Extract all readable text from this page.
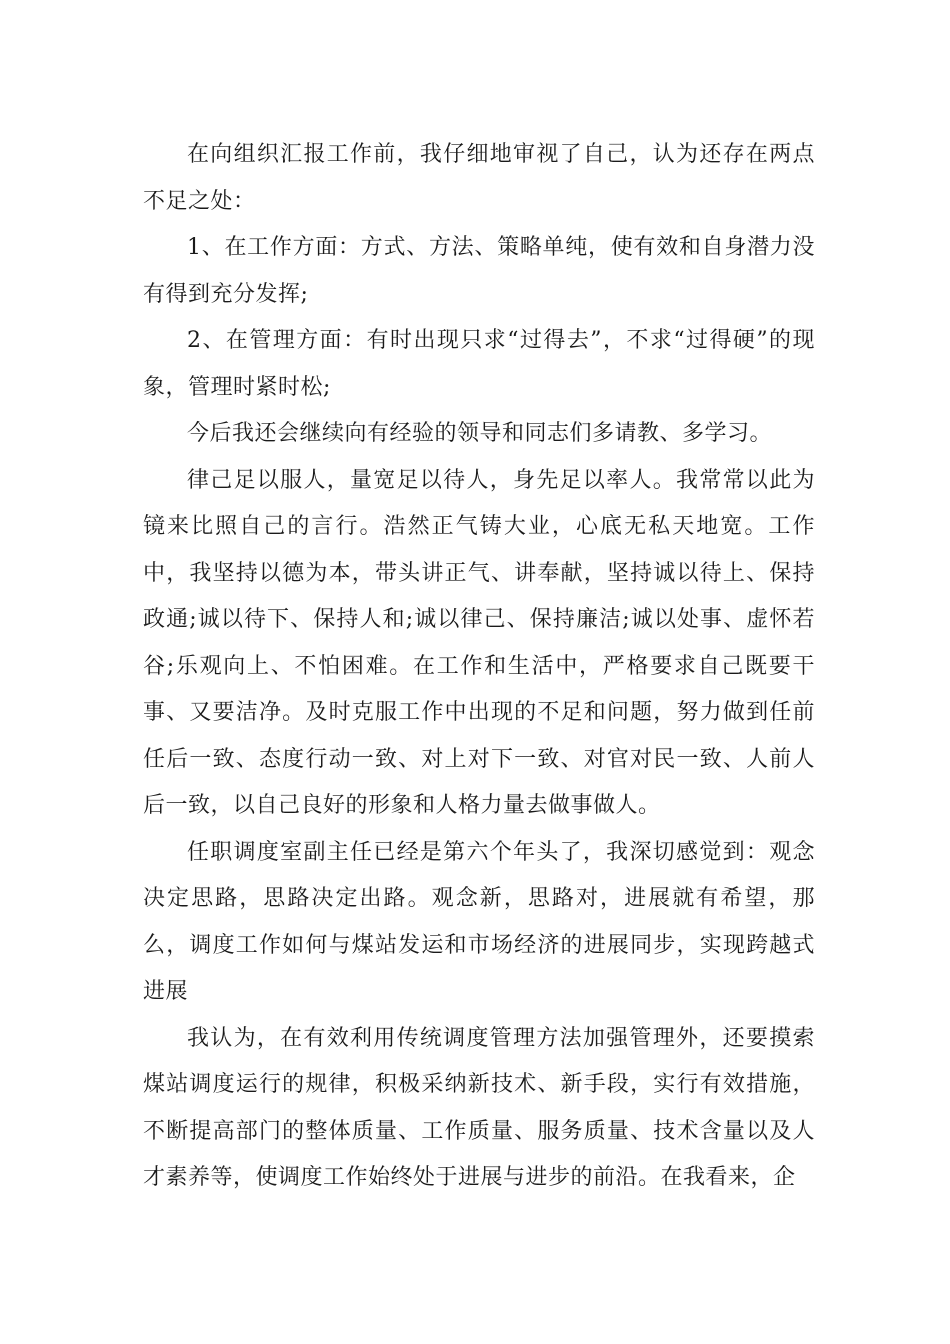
在向组织汇报工作前，我仔细地审视了自己，认为还存在两点不足之处：

1、在工作方面：方式、方法、策略单纯，使有效和自身潜力没有得到充分发挥;

2、在管理方面：有时出现只求“过得去”，不求“过得硬”的现象，管理时紧时松;

今后我还会继续向有经验的领导和同志们多请教、多学习。

律己足以服人，量宽足以待人，身先足以率人。我常常以此为镜来比照自己的言行。浩然正气铸大业，心底无私天地宽。工作中，我坚持以德为本，带头讲正气、讲奉献，坚持诚以待上、保持政通;诚以待下、保持人和;诚以律己、保持廉洁;诚以处事、虚怀若谷;乐观向上、不怕困难。在工作和生活中，严格要求自己既要干事、又要洁净。及时克服工作中出现的不足和问题，努力做到任前任后一致、态度行动一致、对上对下一致、对官对民一致、人前人后一致，以自己良好的形象和人格力量去做事做人。

任职调度室副主任已经是第六个年头了，我深切感觉到：观念决定思路，思路决定出路。观念新，思路对，进展就有希望，那么，调度工作如何与煤站发运和市场经济的进展同步，实现跨越式进展

我认为，在有效利用传统调度管理方法加强管理外，还要摸索煤站调度运行的规律，积极采纳新技术、新手段，实行有效措施，不断提高部门的整体质量、工作质量、服务质量、技术含量以及人才素养等，使调度工作始终处于进展与进步的前沿。在我看来，企
